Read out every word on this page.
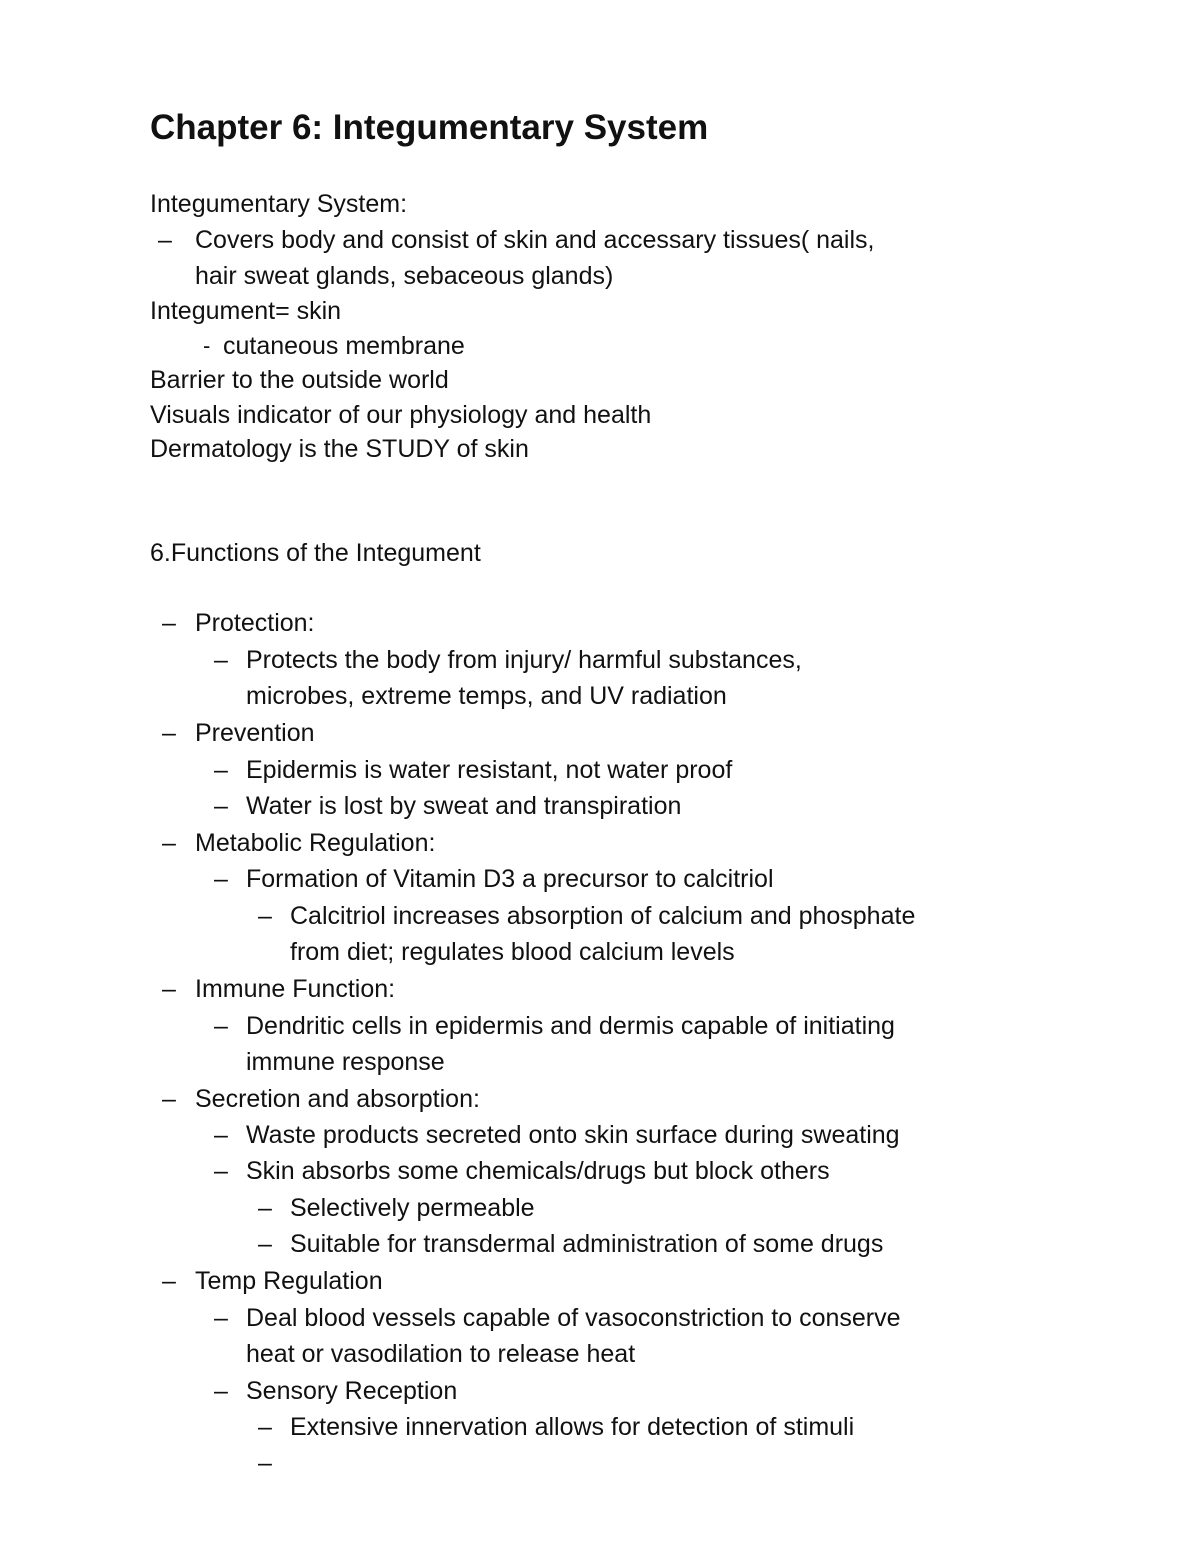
Chapter 6: Integumentary System
Integumentary System:
– Covers body and consist of skin and accessary tissues( nails,
hair sweat glands, sebaceous glands)
Integument= skin
- cutaneous membrane
Barrier to the outside world
Visuals indicator of our physiology and health
Dermatology is the STUDY of skin
6.Functions of the Integument
– Protection:
– Protects the body from injury/ harmful substances,
microbes, extreme temps, and UV radiation
– Prevention
– Epidermis is water resistant, not water proof
– Water is lost by sweat and transpiration
– Metabolic Regulation:
– Formation of Vitamin D3 a precursor to calcitriol
– Calcitriol increases absorption of calcium and phosphate
from diet; regulates blood calcium levels
– Immune Function:
– Dendritic cells in epidermis and dermis capable of initiating
immune response
– Secretion and absorption:
– Waste products secreted onto skin surface during sweating
– Skin absorbs some chemicals/drugs but block others
– Selectively permeable
– Suitable for transdermal administration of some drugs
– Temp Regulation
– Deal blood vessels capable of vasoconstriction to conserve
heat or vasodilation to release heat
– Sensory Reception
– Extensive innervation allows for detection of stimuli
–
